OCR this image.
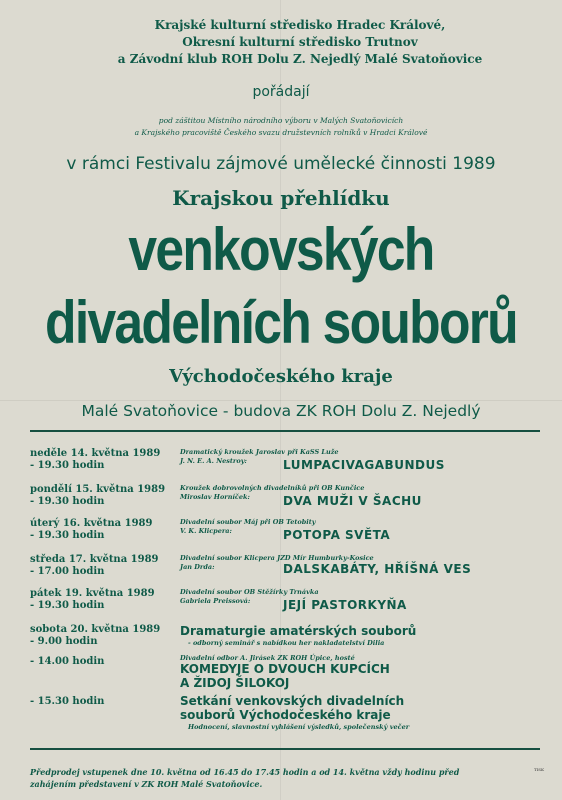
Krajské kulturní středisko Hradec Králové,
Okresní kulturní středisko Trutnov
a Závodní klub ROH Dolu Z. Nejedlý Malé Svatoňovice
pořádají
pod záštitou Místního národního výboru v Malých Svatoňovicích
a Krajského pracoviště Českého svazu družstevních rolníků v Hradci Králové
v rámci Festivalu zájmové umělecké činnosti 1989
Krajskou přehlídku
venkovských
divadelních souborů
Východočeského kraje
Malé Svatoňovice - budova ZK ROH Dolu Z. Nejedlý
neděle 14. května 1989
- 19.30 hodin
Dramatický kroužek Jaroslav při KaSS Luže
J. N. E. A. Nestroy:	LUMPACIVAGABUNDUS
pondělí 15. května 1989
- 19.30 hodin
Kroužek dobrovolných divadelníků při OB Kunčice
Miroslav Horníček:	DVA MUŽI V ŠACHU
úterý 16. května 1989
- 19.30 hodin
Divadelní soubor Máj při OB Tetobity
V. K. Klicpera:	POTOPA SVĚTA
středa 17. května 1989
- 17.00 hodin
Divadelní soubor Klicpera JZD Mír Humburky-Kosice
Jan Drda:	DALSKABÁTY, HŘÍŠNÁ VES
pátek 19. května 1989
- 19.30 hodin
Divadelní soubor OB Stěžírky Trnávka
Gabriela Preissová:	JEJÍ PASTORKYŇA
sobota 20. května 1989
- 9.00 hodin
Dramaturgie amatérských souborů
- odborný seminář s nabídkou her nakladatelství Dilia
- 14.00 hodin	Divadelní odbor A. Jirásek ZK ROH Úpice, hosté
KOMEDYJE O DVOUCH KUPCÍCH
A ŽIDOJ ŠILOKOJ
- 15.30 hodin	Setkání venkovských divadelních
souborů Východočeského kraje
Hodnocení, slavnostní vyhlášení výsledků, společenský večer
Předprodej vstupenek dne 10. května od 16.45 do 17.45 hodin a od 14. května vždy hodinu před
zahájením představení v ZK ROH Malé Svatoňovice.
TISK
